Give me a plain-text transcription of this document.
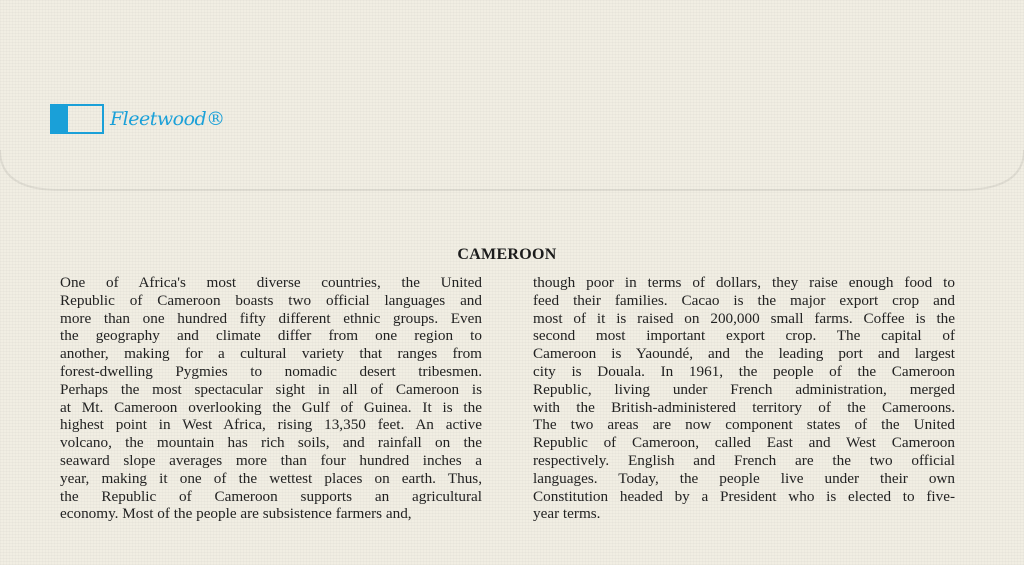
Fleetwood®
CAMEROON
One of Africa's most diverse countries, the United
Republic of Cameroon boasts two official languages and
more than one hundred fifty different ethnic groups. Even
the geography and climate differ from one region to
another, making for a cultural variety that ranges from
forest-dwelling Pygmies to nomadic desert tribesmen.
Perhaps the most spectacular sight in all of Cameroon is
at Mt. Cameroon overlooking the Gulf of Guinea. It is the
highest point in West Africa, rising 13,350 feet. An active
volcano, the mountain has rich soils, and rainfall on the
seaward slope averages more than four hundred inches a
year, making it one of the wettest places on earth. Thus,
the Republic of Cameroon supports an agricultural
economy. Most of the people are subsistence farmers and,
though poor in terms of dollars, they raise enough food to
feed their families. Cacao is the major export crop and
most of it is raised on 200,000 small farms. Coffee is the
second most important export crop. The capital of
Cameroon is Yaoundé, and the leading port and largest
city is Douala. In 1961, the people of the Cameroon
Republic, living under French administration, merged
with the British-administered territory of the Cameroons.
The two areas are now component states of the United
Republic of Cameroon, called East and West Cameroon
respectively. English and French are the two official
languages. Today, the people live under their own
Constitution headed by a President who is elected to five-
year terms.
